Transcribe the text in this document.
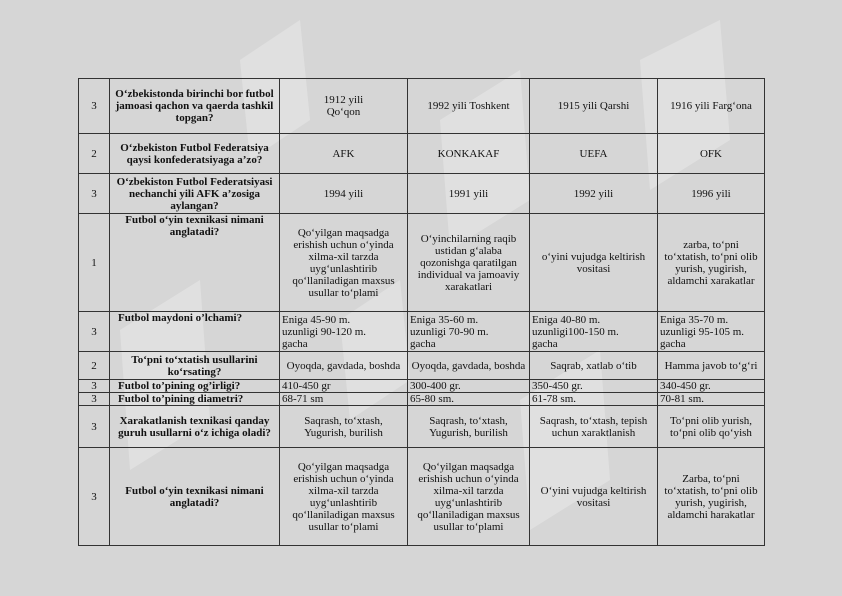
3	O‘zbekistonda birinchi bor futbol jamoasi qachon va qaerda tashkil topgan?	1912 yili
Qo‘qon	1992 yili Toshkent	1915 yili Qarshi	1916 yili Farg‘ona
2	O‘zbekiston Futbol Federatsiya qaysi konfederatsiyaga a’zo?	AFK	KONKAKAF	UEFA	OFK
3	O‘zbekiston Futbol Federatsiyasi nechanchi yili AFK a’zosiga aylangan?	1994 yili	1991 yili	1992 yili	1996 yili
1	Futbol o‘yin texnikasi nimani anglatadi?	Qo‘yilgan maqsadga erishish uchun o‘yinda xilma-xil tarzda uyg‘unlashtirib qo‘llaniladigan maxsus usullar to‘plami	O‘yinchilarning raqib ustidan g‘alaba qozonishga qaratilgan individual va jamoaviy xarakatlari	o‘yini vujudga keltirish vositasi	zarba, to‘pni to‘xtatish, to‘pni olib yurish, yugirish, aldamchi xarakatlar
3	Futbol maydoni o’lchami?	Eniga 45-90 m.
uzunligi 90-120 m.
gacha	Eniga 35-60 m.
uzunligi 70-90 m.
gacha	Eniga 40-80 m.
uzunligi100-150 m.
gacha	Eniga 35-70 m.
uzunligi 95-105 m.
gacha
2	To‘pni to‘xtatish usullarini ko‘rsating?	Oyoqda, gavdada, boshda	Oyoqda, gavdada, boshda	Saqrab, xatlab o‘tib	Hamma javob to‘g‘ri
3	Futbol to’pining og’irligi?	410-450 gr	300-400 gr.	350-450 gr.	340-450 gr.
3	Futbol to’pining diametri?	68-71 sm	65-80 sm.	61-78 sm.	70-81 sm.
3	Xarakatlanish texnikasi qanday guruh usullarni o‘z ichiga oladi?	Saqrash, to‘xtash, Yugurish, burilish	Saqrash, to‘xtash, Yugurish, burilish	Saqrash, to‘xtash, tepish uchun xaraktlanish	To‘pni olib yurish, to‘pni olib qo‘yish
3	Futbol o‘yin texnikasi nimani anglatadi?	Qo‘yilgan maqsadga erishish uchun o‘yinda xilma-xil tarzda uyg‘unlashtirib qo‘llaniladigan maxsus usullar to‘plami	Qo‘yilgan maqsadga erishish uchun o‘yinda xilma-xil tarzda uyg‘unlashtirib qo‘llaniladigan maxsus usullar to‘plami	O‘yini vujudga keltirish vositasi	Zarba, to‘pni to‘xtatish, to‘pni olib yurish, yugirish, aldamchi harakatlar
